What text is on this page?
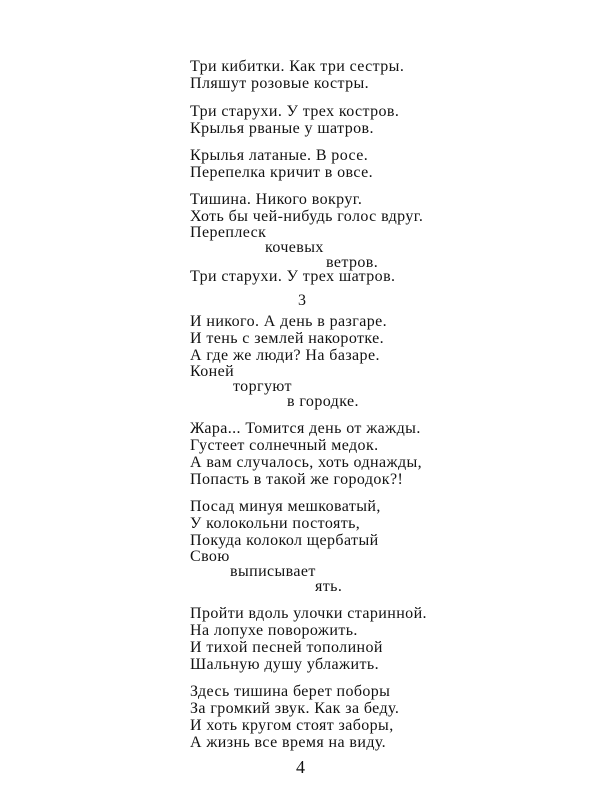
Три кибитки. Как три сестры.
Пляшут розовые костры.
Три старухи. У трех костров.
Крылья рваные у шатров.
Крылья латаные. В росе.
Перепелка кричит в овсе.
Тишина. Никого вокруг.
Хоть бы чей-нибудь голос вдруг.
Переплеск
кочевых
ветров.
Три старухи. У трех шатров.
3
И никого. А день в разгаре.
И тень с землей накоротке.
А где же люди? На базаре.
Коней
торгуют
в городке.
Жара... Томится день от жажды.
Густеет солнечный медок.
А вам случалось, хоть однажды,
Попасть в такой же городок?!
Посад минуя мешковатый,
У колокольни постоять,
Покуда колокол щербатый
Свою
выписывает
ять.
Пройти вдоль улочки старинной.
На лопухе поворожить.
И тихой песней тополиной
Шальную душу ублажить.
Здесь тишина берет поборы
За громкий звук. Как за беду.
И хоть кругом стоят заборы,
А жизнь все время на виду.
4
